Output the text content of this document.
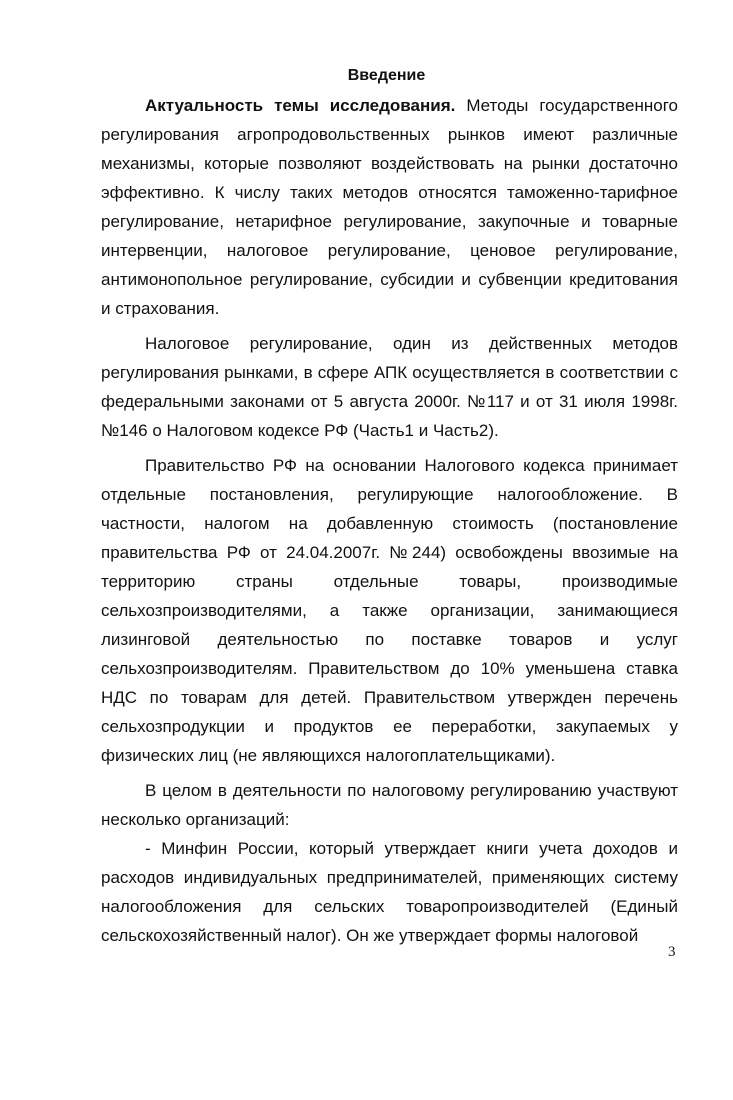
Введение

Актуальность темы исследования. Методы государственного регулирования агропродовольственных рынков имеют различные механизмы, которые позволяют воздействовать на рынки достаточно эффективно. К числу таких методов относятся таможенно-тарифное регулирование, нетарифное регулирование, закупочные и товарные интервенции, налоговое регулирование, ценовое регулирование, антимонопольное регулирование, субсидии и субвенции кредитования и страхования.

Налоговое регулирование, один из действенных методов регулирования рынками, в сфере АПК осуществляется в соответствии с федеральными законами от 5 августа 2000г. №117 и от 31 июля 1998г. №146 о Налоговом кодексе РФ (Часть1 и Часть2).

Правительство РФ на основании Налогового кодекса принимает отдельные постановления, регулирующие налогообложение. В частности, налогом на добавленную стоимость (постановление правительства РФ от 24.04.2007г. №244) освобождены ввозимые на территорию страны отдельные товары, производимые сельхозпроизводителями, а также организации, занимающиеся лизинговой деятельностью по поставке товаров и услуг сельхозпроизводителям. Правительством до 10% уменьшена ставка НДС по товарам для детей. Правительством утвержден перечень сельхозпродукции и продуктов ее переработки, закупаемых у физических лиц (не являющихся налогоплательщиками).

В целом в деятельности по налоговому регулированию участвуют несколько организаций:

- Минфин России, который утверждает книги учета доходов и расходов индивидуальных предпринимателей, применяющих систему налогообложения для сельских товаропроизводителей (Единый сельскохозяйственный налог). Он же утверждает формы налоговой

3
